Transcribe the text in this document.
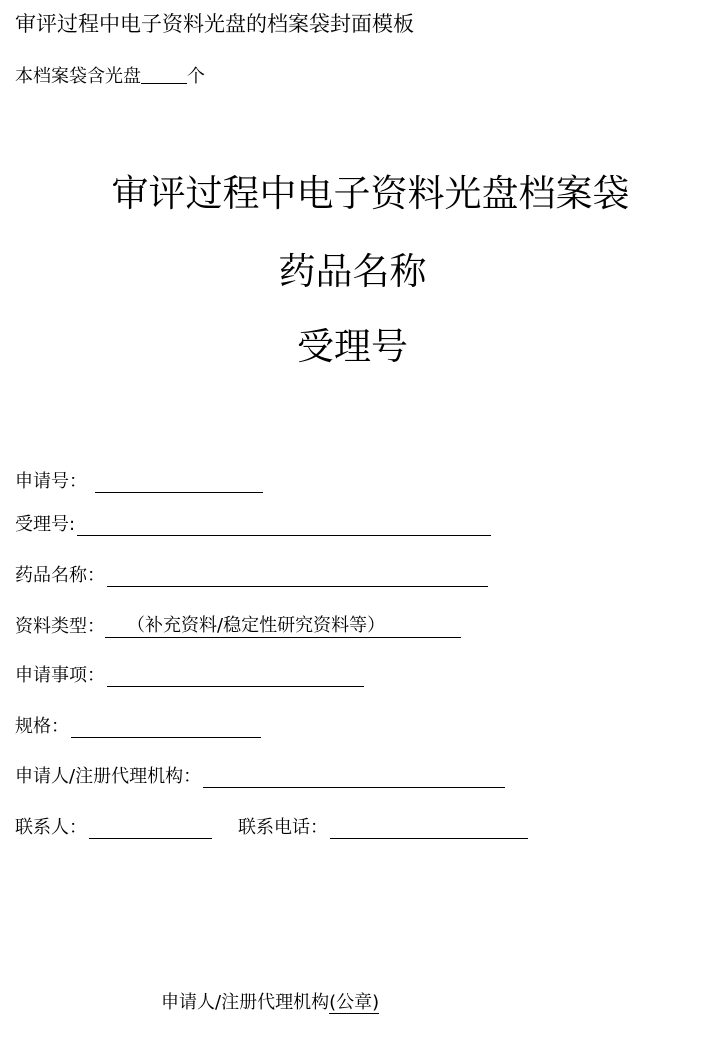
审评过程中电子资料光盘的档案袋封面模板
本档案袋含光盘	个
审评过程中电子资料光盘档案袋
药品名称
受理号
申请号：
受理号:
药品名称：
资料类型：	（补充资料/稳定性研究资料等）
申请事项：
规格：
申请人/注册代理机构：
联系人：	联系电话：
申请人/注册代理机构(公章)
